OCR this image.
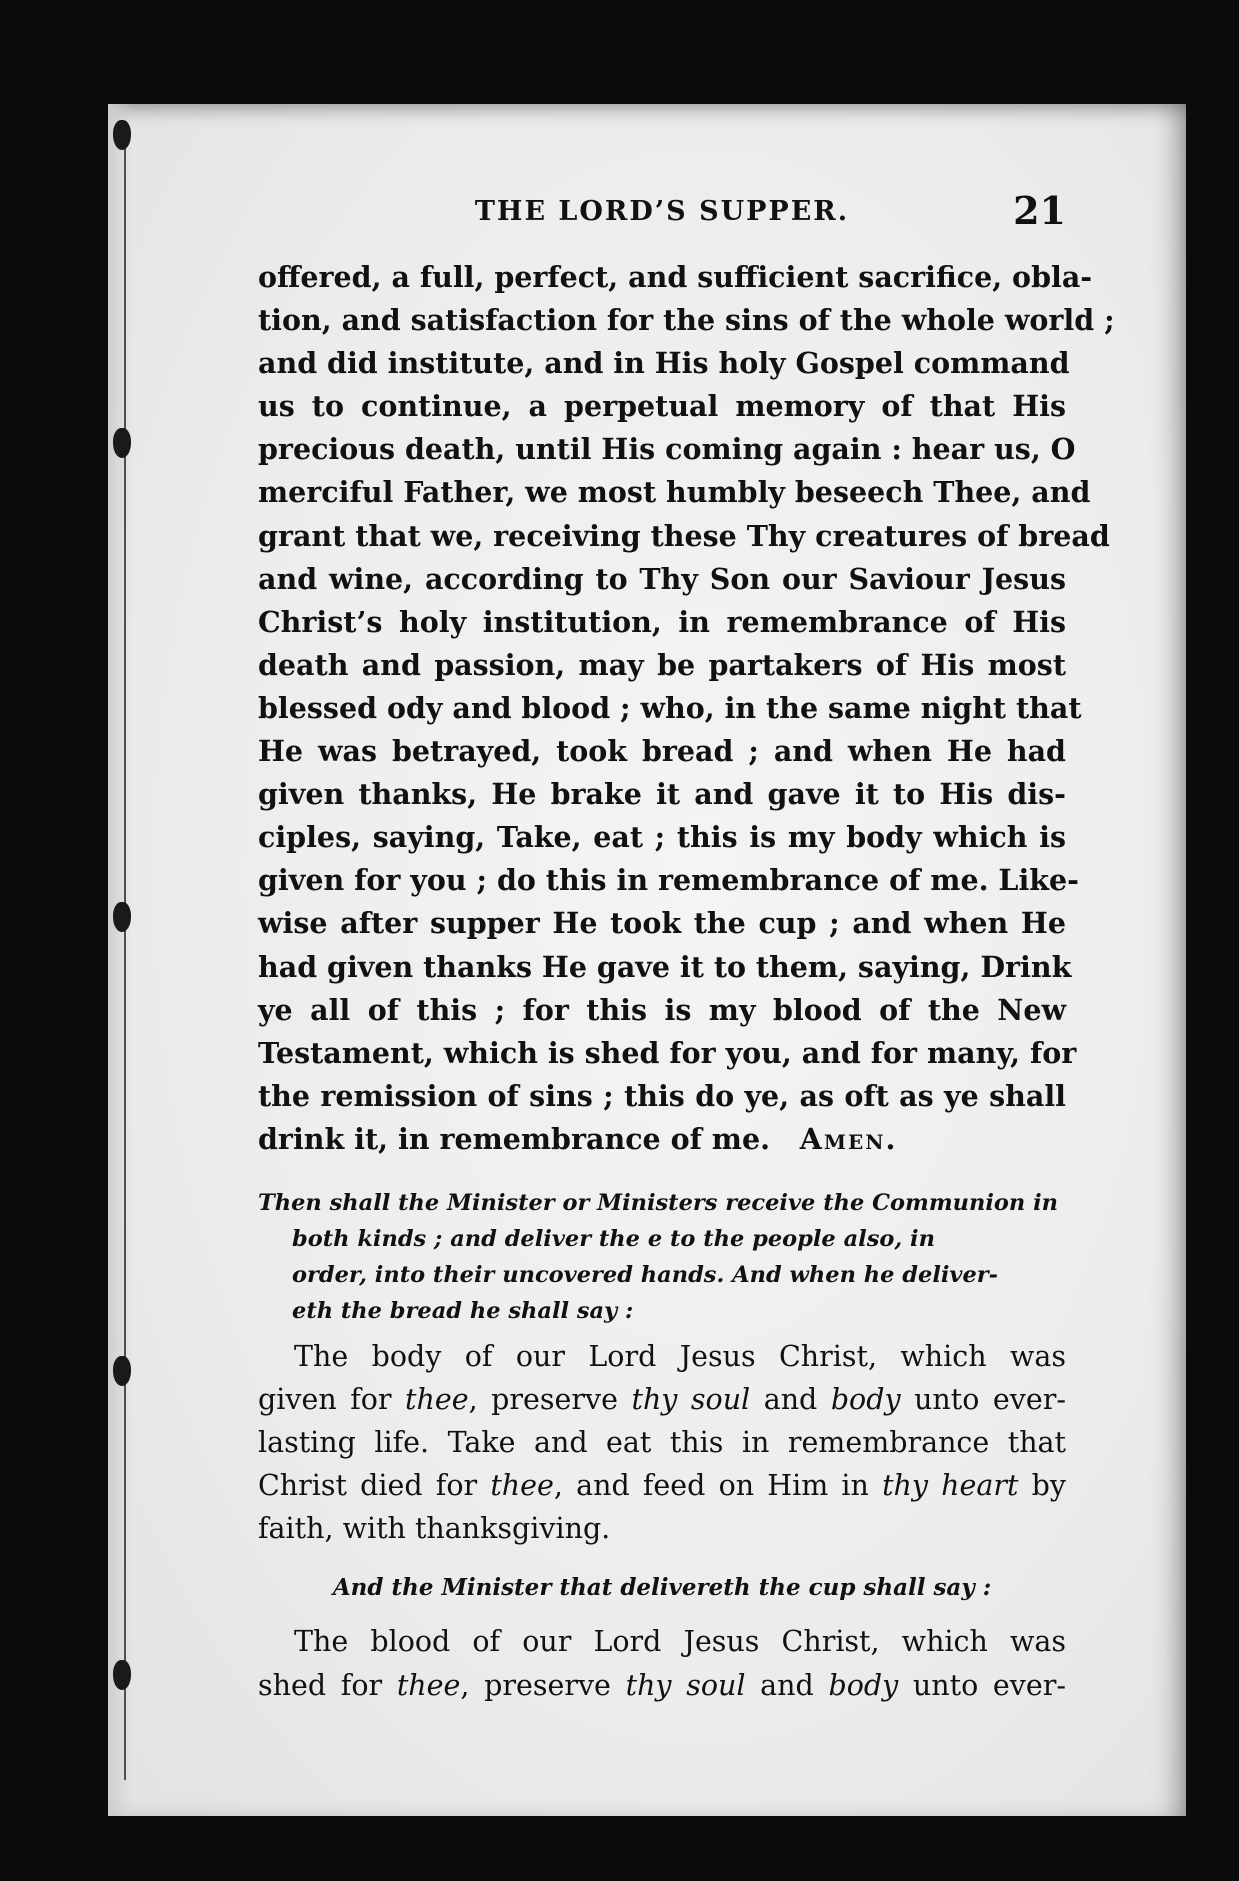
THE LORD’S SUPPER.	21

offered, a full, perfect, and sufficient sacrifice, obla-
tion, and satisfaction for the sins of the whole world ;
and did institute, and in His holy Gospel command
us to continue, a perpetual memory of that His
precious death, until His coming again : hear us, O
merciful Father, we most humbly beseech Thee, and
grant that we, receiving these Thy creatures of bread
and wine, according to Thy Son our Saviour Jesus
Christ’s holy institution, in remembrance of His
death and passion, may be partakers of His most
blessed ody and blood ; who, in the same night that
He was betrayed, took bread ; and when He had
given thanks, He brake it and gave it to His dis-
ciples, saying, Take, eat ; this is my body which is
given for you ; do this in remembrance of me. Like-
wise after supper He took the cup ; and when He
had given thanks He gave it to them, saying, Drink
ye all of this ; for this is my blood of the New
Testament, which is shed for you, and for many, for
the remission of sins ; this do ye, as oft as ye shall
drink it, in remembrance of me. Amen.

Then shall the Minister or Ministers receive the Communion in
both kinds ; and deliver the e to the people also, in
order, into their uncovered hands. And when he deliver-
eth the bread he shall say :

The body of our Lord Jesus Christ, which was
given for thee, preserve thy soul and body unto ever-
lasting life. Take and eat this in remembrance that
Christ died for thee, and feed on Him in thy heart by
faith, with thanksgiving.

And the Minister that delivereth the cup shall say :

The blood of our Lord Jesus Christ, which was
shed for thee, preserve thy soul and body unto ever-
